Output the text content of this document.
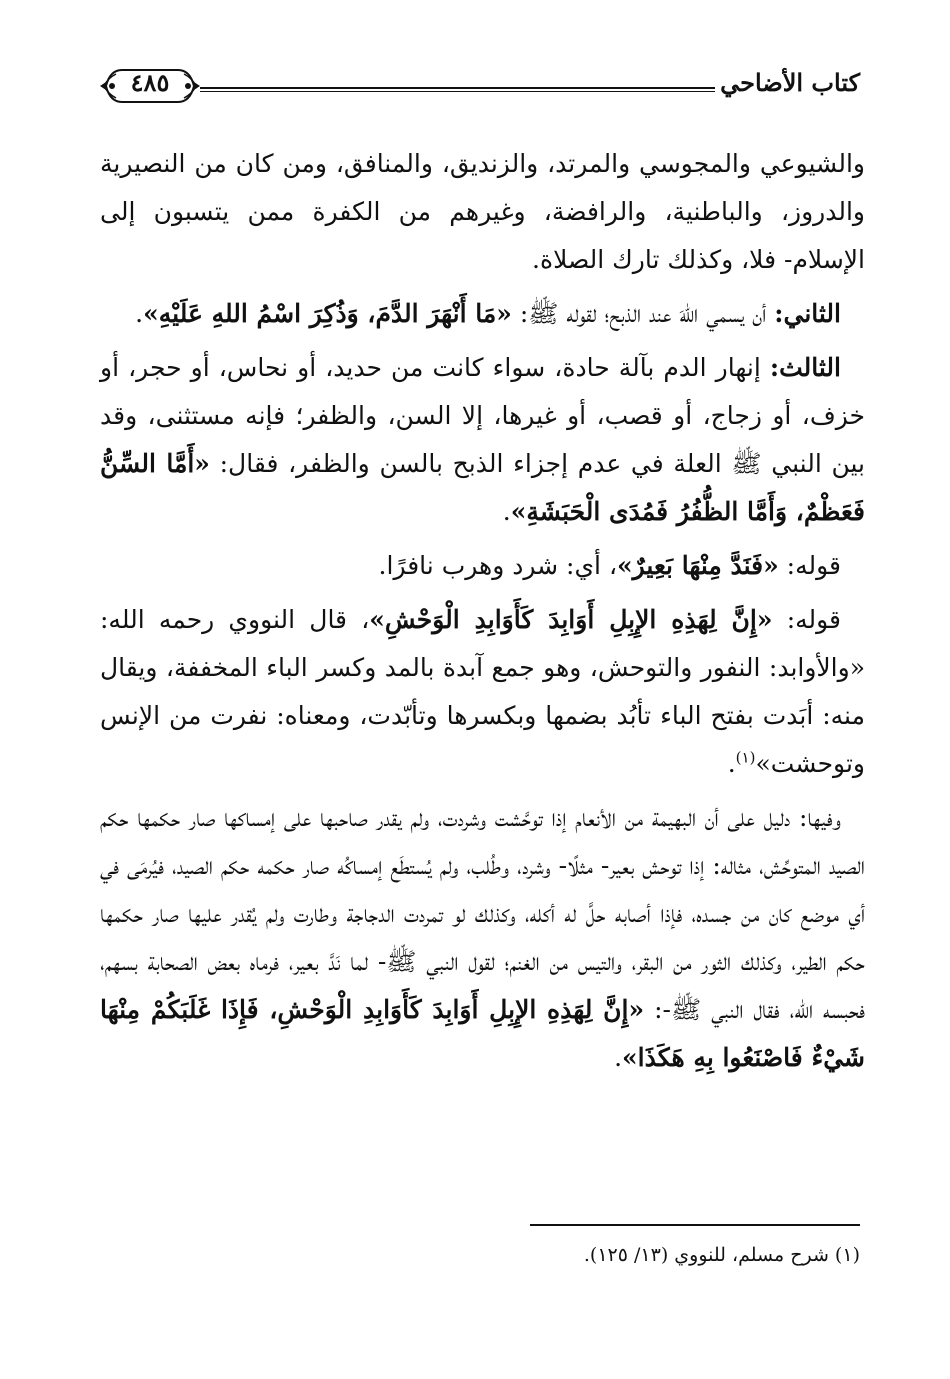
كتاب الأضاحي
٤٨٥

والشيوعي والمجوسي والمرتد، والزنديق، والمنافق، ومن كان من النصيرية والدروز، والباطنية، والرافضة، وغيرهم من الكفرة ممن يتسبون إلى الإسلام- فلا، وكذلك تارك الصلاة.

الثاني: أن يسمي اللهَ عند الذبح؛ لقوله ﷺ: «مَا أَنْهَرَ الدَّمَ، وَذُكِرَ اسْمُ اللهِ عَلَيْهِ».

الثالث: إنهار الدم بآلة حادة، سواء كانت من حديد، أو نحاس، أو حجر، أو خزف، أو زجاج، أو قصب، أو غيرها، إلا السن، والظفر؛ فإنه مستثنى، وقد بين النبي ﷺ العلة في عدم إجزاء الذبح بالسن والظفر، فقال: «أَمَّا السِّنُّ فَعَظْمٌ، وَأَمَّا الظُّفُرُ فَمُدَى الْحَبَشَةِ».

قوله: «فَنَدَّ مِنْهَا بَعِيرٌ»، أي: شرد وهرب نافرًا.

قوله: «إِنَّ لِهَذِهِ الإِبِلِ أَوَابِدَ كَأَوَابِدِ الْوَحْشِ»، قال النووي رحمه الله: «والأوابد: النفور والتوحش، وهو جمع آبدة بالمد وكسر الباء المخففة، ويقال منه: أبَدت بفتح الباء تأبُد بضمها وبكسرها وتأبّدت، ومعناه: نفرت من الإنس وتوحشت»$^{(١)}$.

وفيها: دليل على أن البهيمة من الأنعام إذا توحَّشت وشردت، ولم يقدر صاحبها على إمساكها صار حكمها حكم الصيد المتوحِّش، مثاله: إذا توحش بعير- مثلًا- وشرد، وطُلب، ولم يُستطَع إمساكُه صار حكمه حكم الصيد، فيُرمَى في أي موضع كان من جسده، فإذا أصابه حلَّ له أكله، وكذلك لو تمردت الدجاجة وطارت ولم يُقدر عليها صار حكمها حكم الطير، وكذلك الثور من البقر، والتيس من الغنم؛ لقول النبي ﷺ- لما نَدَّ بعير، فرماه بعض الصحابة بسهم، فحبسه الله، فقال النبي ﷺ-: «إِنَّ لِهَذِهِ الإِبِلِ أَوَابِدَ كَأَوَابِدِ الْوَحْشِ، فَإِذَا غَلَبَكُمْ مِنْهَا شَيْءٌ فَاصْنَعُوا بِهِ هَكَذَا».

(١) شرح مسلم، للنووي (١٣/ ١٢٥).
